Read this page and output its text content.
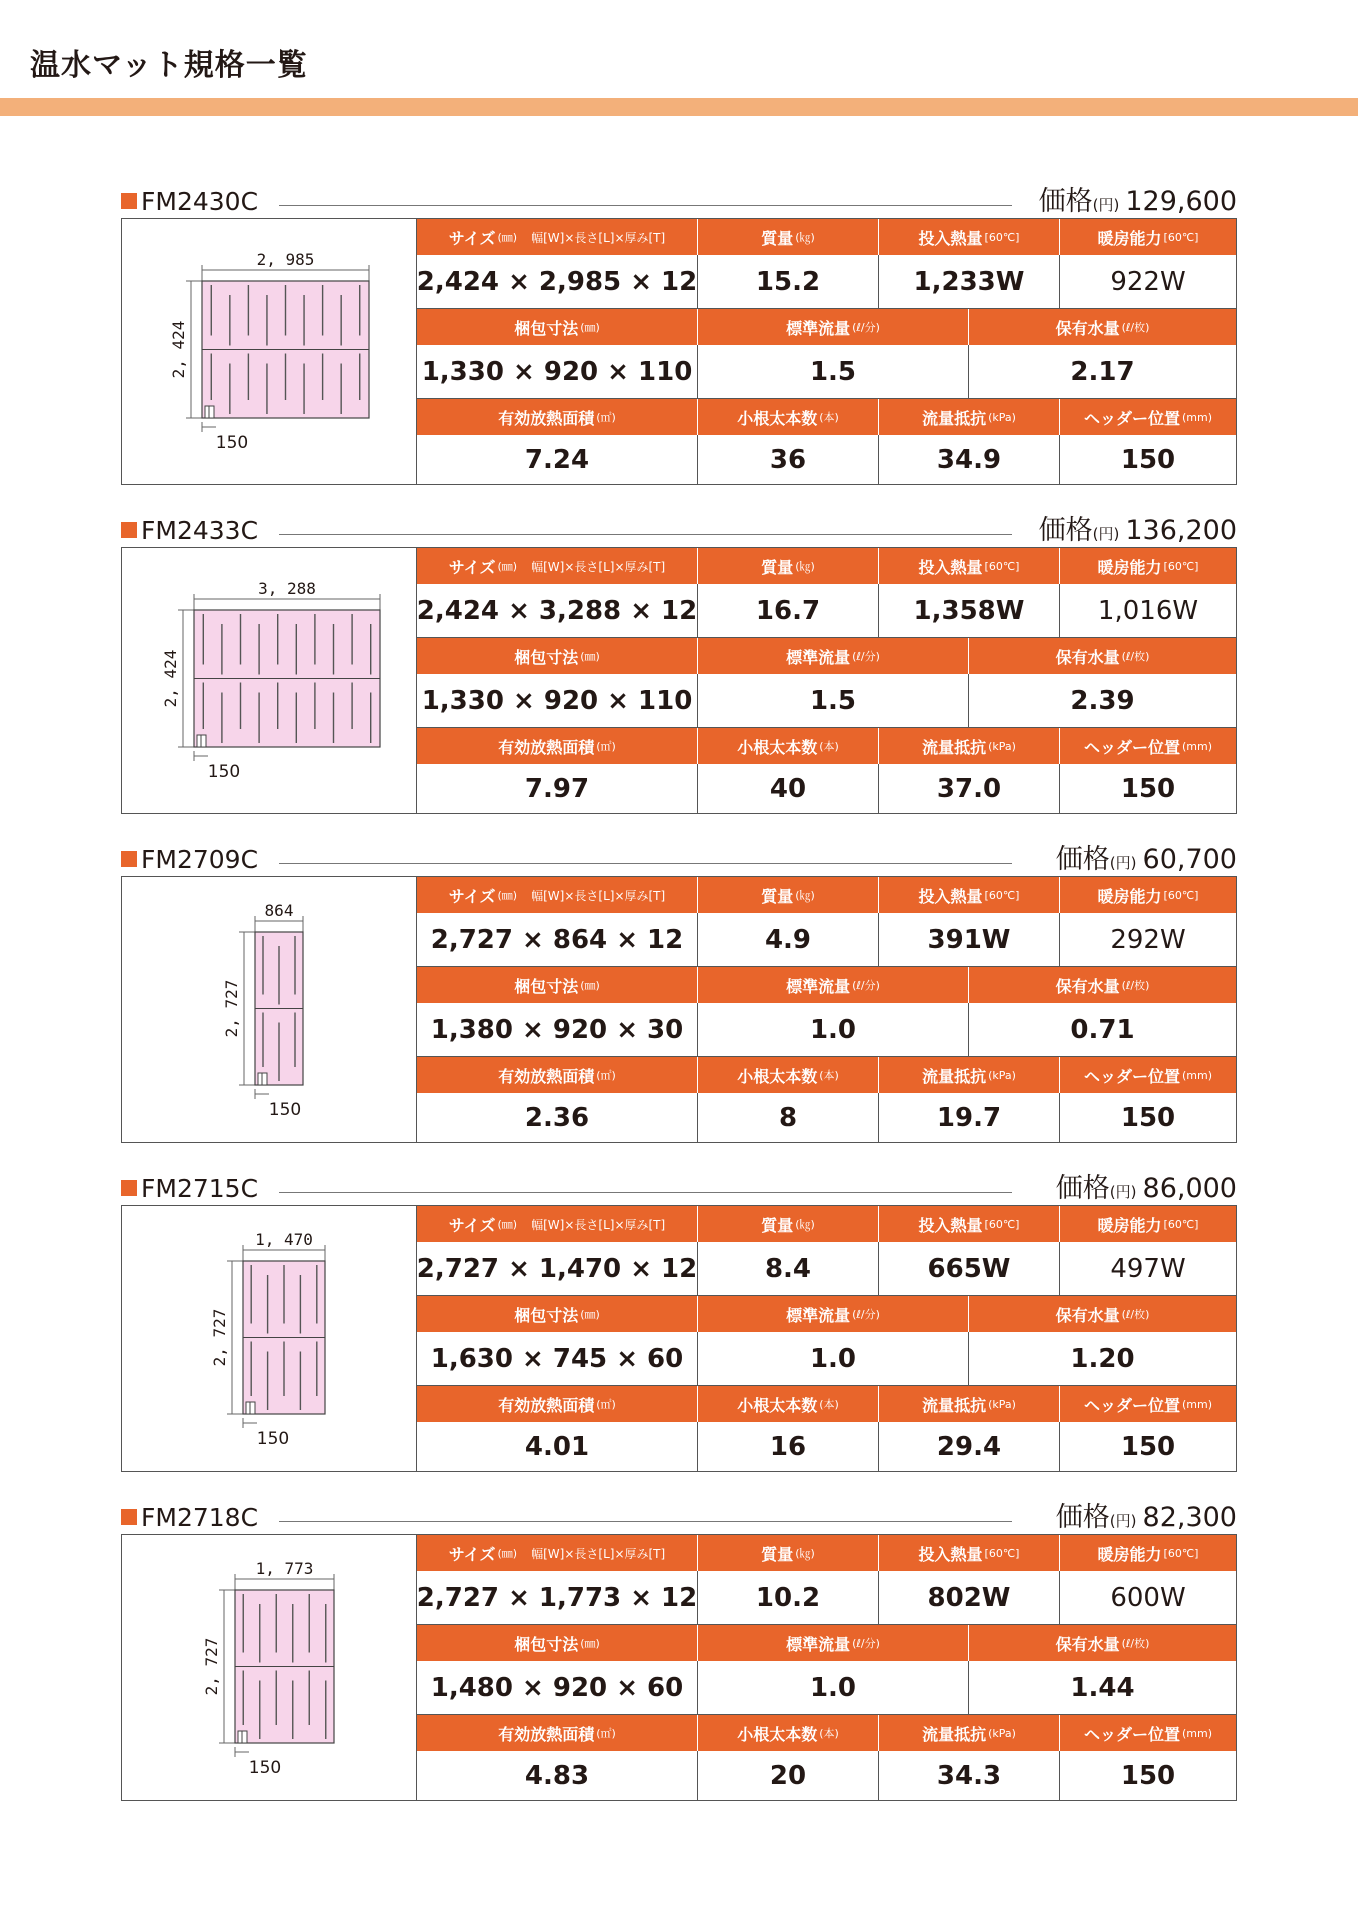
温水マット規格一覧
FM2430C	価格(円) 129,600
2, 985
2, 424
150
サイズ (㎜) 幅[W]×長さ[L]×厚み[T]	質量 (㎏)	投入熱量 [60℃]	暖房能力 [60℃]
2,424 × 2,985 × 12	15.2	1,233W	922W
梱包寸法 (㎜)	標準流量 (ℓ/分)	保有水量 (ℓ/枚)
1,330 × 920 × 110	1.5	2.17
有効放熱面積 (㎡)	小根太本数 (本)	流量抵抗 (kPa)	ヘッダー位置 (mm)
7.24	36	34.9	150
FM2433C	価格(円) 136,200
3, 288
2, 424
150
サイズ (㎜) 幅[W]×長さ[L]×厚み[T]	質量 (㎏)	投入熱量 [60℃]	暖房能力 [60℃]
2,424 × 3,288 × 12	16.7	1,358W	1,016W
梱包寸法 (㎜)	標準流量 (ℓ/分)	保有水量 (ℓ/枚)
1,330 × 920 × 110	1.5	2.39
有効放熱面積 (㎡)	小根太本数 (本)	流量抵抗 (kPa)	ヘッダー位置 (mm)
7.97	40	37.0	150
FM2709C	価格(円) 60,700
864
2, 727
150
サイズ (㎜) 幅[W]×長さ[L]×厚み[T]	質量 (㎏)	投入熱量 [60℃]	暖房能力 [60℃]
2,727 × 864 × 12	4.9	391W	292W
梱包寸法 (㎜)	標準流量 (ℓ/分)	保有水量 (ℓ/枚)
1,380 × 920 × 30	1.0	0.71
有効放熱面積 (㎡)	小根太本数 (本)	流量抵抗 (kPa)	ヘッダー位置 (mm)
2.36	8	19.7	150
FM2715C	価格(円) 86,000
1, 470
2, 727
150
サイズ (㎜) 幅[W]×長さ[L]×厚み[T]	質量 (㎏)	投入熱量 [60℃]	暖房能力 [60℃]
2,727 × 1,470 × 12	8.4	665W	497W
梱包寸法 (㎜)	標準流量 (ℓ/分)	保有水量 (ℓ/枚)
1,630 × 745 × 60	1.0	1.20
有効放熱面積 (㎡)	小根太本数 (本)	流量抵抗 (kPa)	ヘッダー位置 (mm)
4.01	16	29.4	150
FM2718C	価格(円) 82,300
1, 773
2, 727
150
サイズ (㎜) 幅[W]×長さ[L]×厚み[T]	質量 (㎏)	投入熱量 [60℃]	暖房能力 [60℃]
2,727 × 1,773 × 12	10.2	802W	600W
梱包寸法 (㎜)	標準流量 (ℓ/分)	保有水量 (ℓ/枚)
1,480 × 920 × 60	1.0	1.44
有効放熱面積 (㎡)	小根太本数 (本)	流量抵抗 (kPa)	ヘッダー位置 (mm)
4.83	20	34.3	150
